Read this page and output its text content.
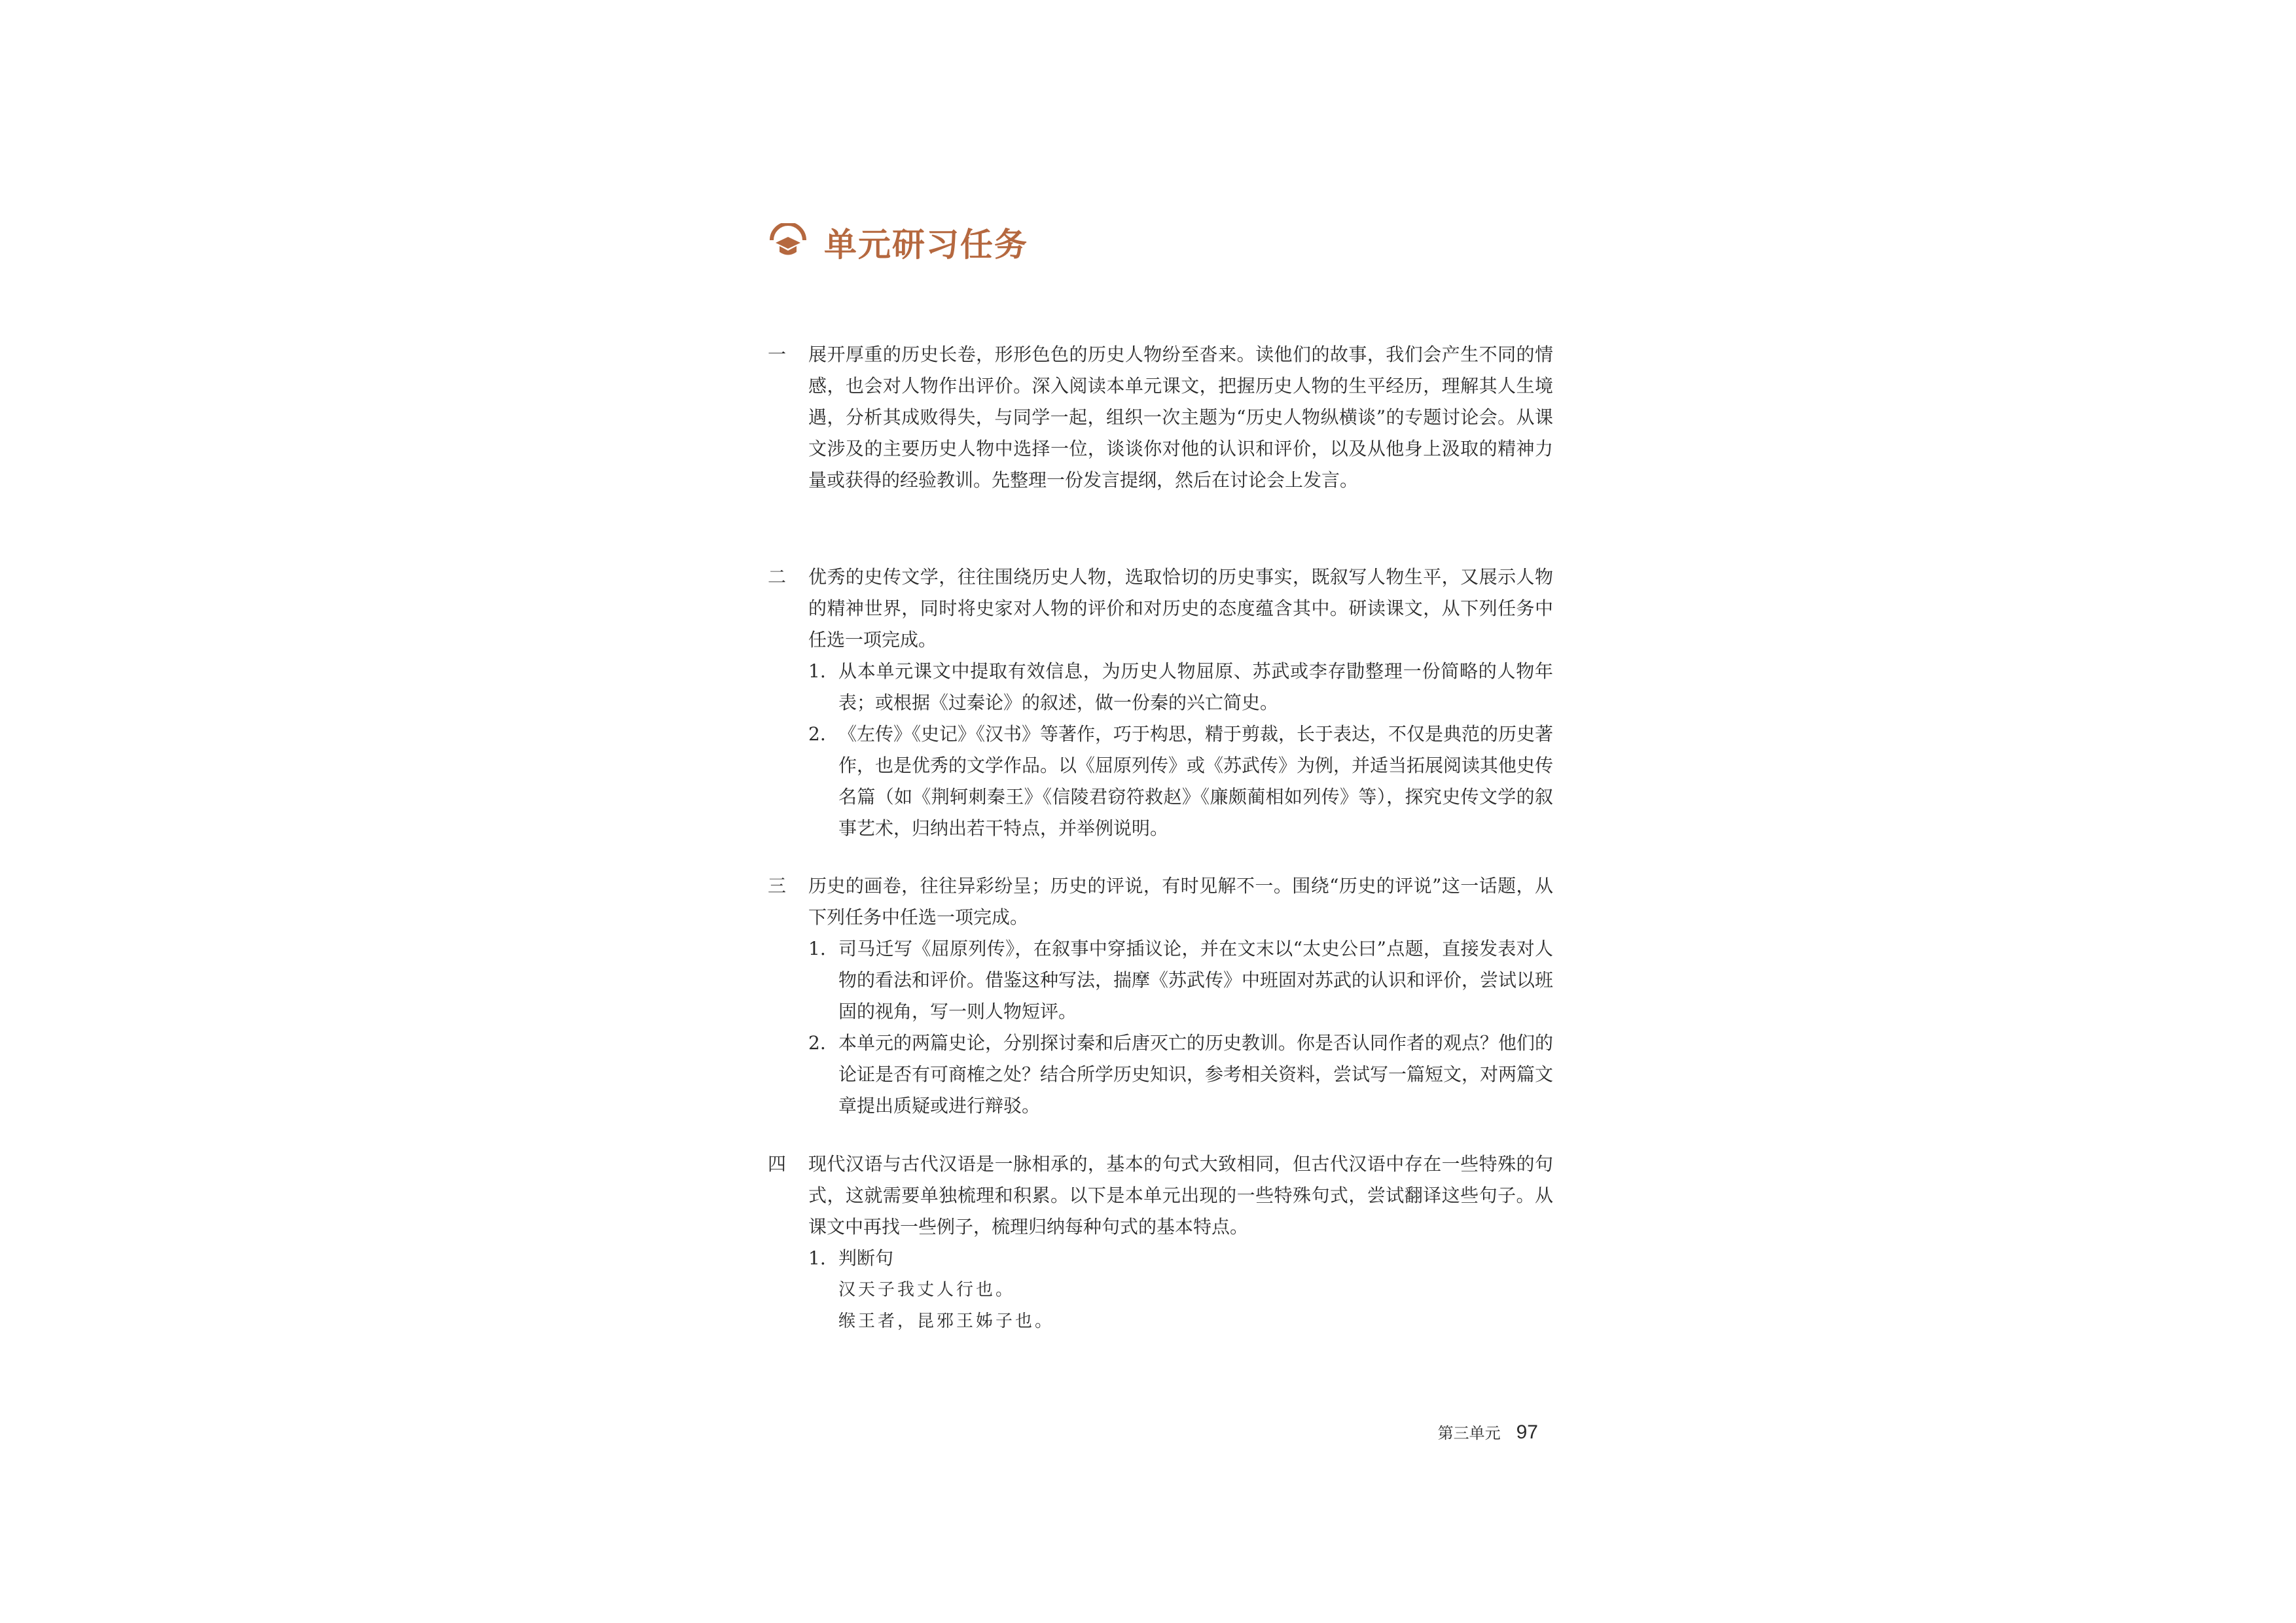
单元研习任务
一	展开厚重的历史长卷，形形色色的历史人物纷至沓来。读他们的故事，我们会产生不同的情感，也会对人物作出评价。深入阅读本单元课文，把握历史人物的生平经历，理解其人生境遇，分析其成败得失，与同学一起，组织一次主题为“历史人物纵横谈”的专题讨论会。从课文涉及的主要历史人物中选择一位，谈谈你对他的认识和评价，以及从他身上汲取的精神力量或获得的经验教训。先整理一份发言提纲，然后在讨论会上发言。
二	优秀的史传文学，往往围绕历史人物，选取恰切的历史事实，既叙写人物生平，又展示人物的精神世界，同时将史家对人物的评价和对历史的态度蕴含其中。研读课文，从下列任务中任选一项完成。
1. 从本单元课文中提取有效信息，为历史人物屈原、苏武或李存勖整理一份简略的人物年表；或根据《过秦论》的叙述，做一份秦的兴亡简史。
2. 《左传》《史记》《汉书》等著作，巧于构思，精于剪裁，长于表达，不仅是典范的历史著作，也是优秀的文学作品。以《屈原列传》或《苏武传》为例，并适当拓展阅读其他史传名篇（如《荆轲刺秦王》《信陵君窃符救赵》《廉颇蔺相如列传》等），探究史传文学的叙事艺术，归纳出若干特点，并举例说明。
三	历史的画卷，往往异彩纷呈；历史的评说，有时见解不一。围绕“历史的评说”这一话题，从下列任务中任选一项完成。
1. 司马迁写《屈原列传》，在叙事中穿插议论，并在文末以“太史公曰”点题，直接发表对人物的看法和评价。借鉴这种写法，揣摩《苏武传》中班固对苏武的认识和评价，尝试以班固的视角，写一则人物短评。
2. 本单元的两篇史论，分别探讨秦和后唐灭亡的历史教训。你是否认同作者的观点？他们的论证是否有可商榷之处？结合所学历史知识，参考相关资料，尝试写一篇短文，对两篇文章提出质疑或进行辩驳。
四	现代汉语与古代汉语是一脉相承的，基本的句式大致相同，但古代汉语中存在一些特殊的句式，这就需要单独梳理和积累。以下是本单元出现的一些特殊句式，尝试翻译这些句子。从课文中再找一些例子，梳理归纳每种句式的基本特点。
1. 判断句
汉天子我丈人行也。
缑王者，昆邪王姊子也。
第三单元 97
